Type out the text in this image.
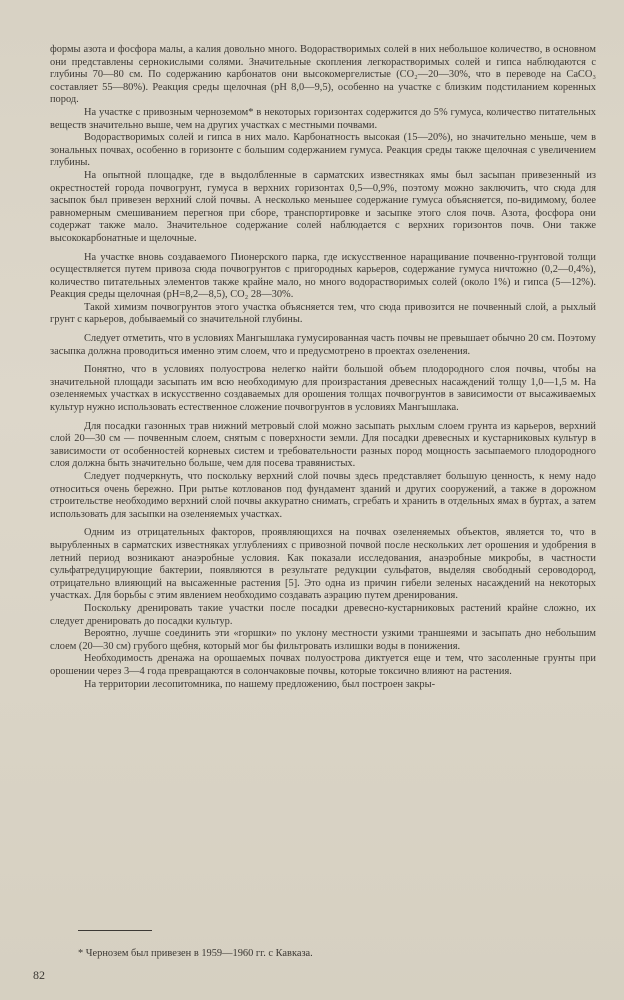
формы азота и фосфора малы, а калия довольно много. Водорастворимых солей в них небольшое количество, в основном они представлены сернокислыми солями. Значительные скопления легкорастворимых солей и гипса наблюдаются с глубины 70—80 см. По содержанию карбонатов они высокомергелистые (CO₂—20—30%, что в переводе на CaCO₃ составляет 55—80%). Реакция среды щелочная (pH 8,0—9,5), особенно на участке с близким подстиланием коренных пород.

На участке с привозным черноземом* в некоторых горизонтах содержится до 5% гумуса, количество питательных веществ значительно выше, чем на других участках с местными почвами.

Водорастворимых солей и гипса в них мало. Карбонатность высокая (15—20%), но значительно меньше, чем в зональных почвах, особенно в горизонте с большим содержанием гумуса. Реакция среды также щелочная с увеличением глубины.

На опытной площадке, где в выдолбленные в сарматских известняках ямы был засыпан привезенный из окрестностей города почвогрунт, гумуса в верхних горизонтах 0,5—0,9%, поэтому можно заключить, что сюда для засыпок был привезен верхний слой почвы. А несколько меньшее содержание гумуса объясняется, по-видимому, более равномерным смешиванием перегноя при сборе, транспортировке и засыпке этого слоя почв. Азота, фосфора они содержат также мало. Значительное содержание солей наблюдается с верхних горизонтов почв. Они также высококарбонатные и щелочные.

На участке вновь создаваемого Пионерского парка, где искусственное наращивание почвенно-грунтовой толщи осуществляется путем привоза сюда почвогрунтов с пригородных карьеров, содержание гумуса ничтожно (0,2—0,4%), количество питательных элементов также крайне мало, но много водорастворимых солей (около 1%) и гипса (5—12%). Реакция среды щелочная (pH=8,2—8,5), CO₂ 28—30%.

Такой химизм почвогрунтов этого участка объясняется тем, что сюда привозится не почвенный слой, а рыхлый грунт с карьеров, добываемый со значительной глубины.

Следует отметить, что в условиях Мангышлака гумусированная часть почвы не превышает обычно 20 см. Поэтому засыпка должна проводиться именно этим слоем, что и предусмотрено в проектах озеленения.

Понятно, что в условиях полуострова нелегко найти большой объем плодородного слоя почвы, чтобы на значительной площади засыпать им всю необходимую для произрастания древесных насаждений толщу 1,0—1,5 м. На озеленяемых участках в искусственно создаваемых для орошения толщах почвогрунтов в зависимости от высаживаемых культур нужно использовать естественное сложение почвогрунтов в условиях Мангышлака.

Для посадки газонных трав нижний метровый слой можно засыпать рыхлым слоем грунта из карьеров, верхний слой 20—30 см — почвенным слоем, снятым с поверхности земли. Для посадки древесных и кустарниковых культур в зависимости от особенностей корневых систем и требовательности разных пород мощность засыпаемого плодородного слоя должна быть значительно больше, чем для посева травянистых.

Следует подчеркнуть, что поскольку верхний слой почвы здесь представляет большую ценность, к нему надо относиться очень бережно. При рытье котлованов под фундамент зданий и других сооружений, а также в дорожном строительстве необходимо верхний слой почвы аккуратно снимать, сгребать и хранить в отдельных ямах в буртах, а затем использовать для засыпки на озеленяемых участках.

Одним из отрицательных факторов, проявляющихся на почвах озеленяемых объектов, является то, что в вырубленных в сарматских известняках углублениях с привозной почвой после нескольких лет орошения и удобрения в летний период возникают анаэробные условия. Как показали исследования, анаэробные микробы, в частности сульфатредуцирующие бактерии, появляются в результате редукции сульфатов, выделяя свободный сероводород, отрицательно влияющий на высаженные растения [5]. Это одна из причин гибели зеленых насаждений на некоторых участках. Для борьбы с этим явлением необходимо создавать аэрацию путем дренирования.

Поскольку дренировать такие участки после посадки древесно-кустарниковых растений крайне сложно, их следует дренировать до посадки культур.

Вероятно, лучше соединить эти «горшки» по уклону местности узкими траншеями и засыпать дно небольшим слоем (20—30 см) грубого щебня, который мог бы фильтровать излишки воды в понижения.

Необходимость дренажа на орошаемых почвах полуострова диктуется еще и тем, что засоленные грунты при орошении через 3—4 года превращаются в солончаковые почвы, которые токсично влияют на растения.

На территории лесопитомника, по нашему предложению, был построен закры-

* Чернозем был привезен в 1959—1960 гг. с Кавказа.

82
